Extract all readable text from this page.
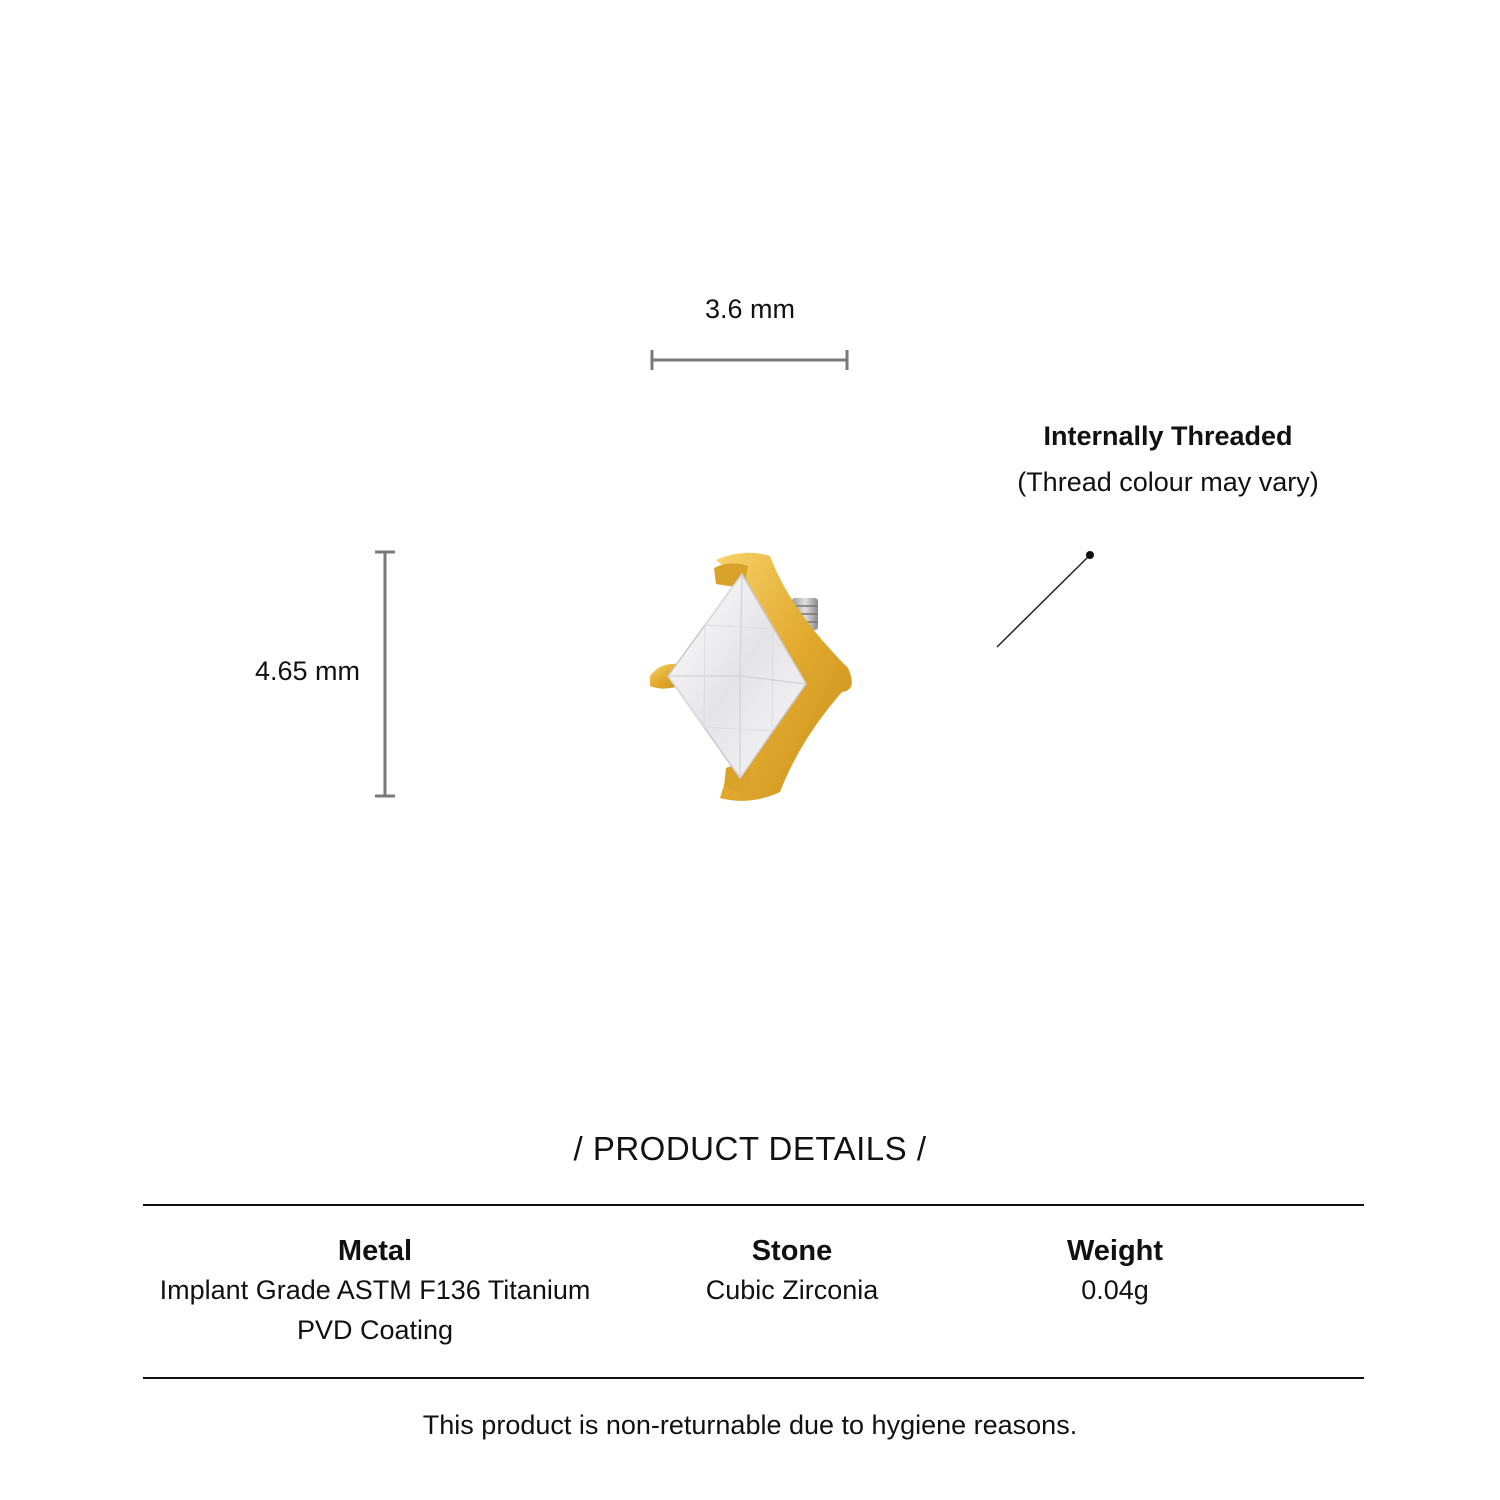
3.6 mm
4.65 mm
Internally Threaded
(Thread colour may vary)
/ PRODUCT DETAILS /
Metal
Implant Grade ASTM F136 Titanium
PVD Coating
Stone
Cubic Zirconia
Weight
0.04g
This product is non-returnable due to hygiene reasons.
